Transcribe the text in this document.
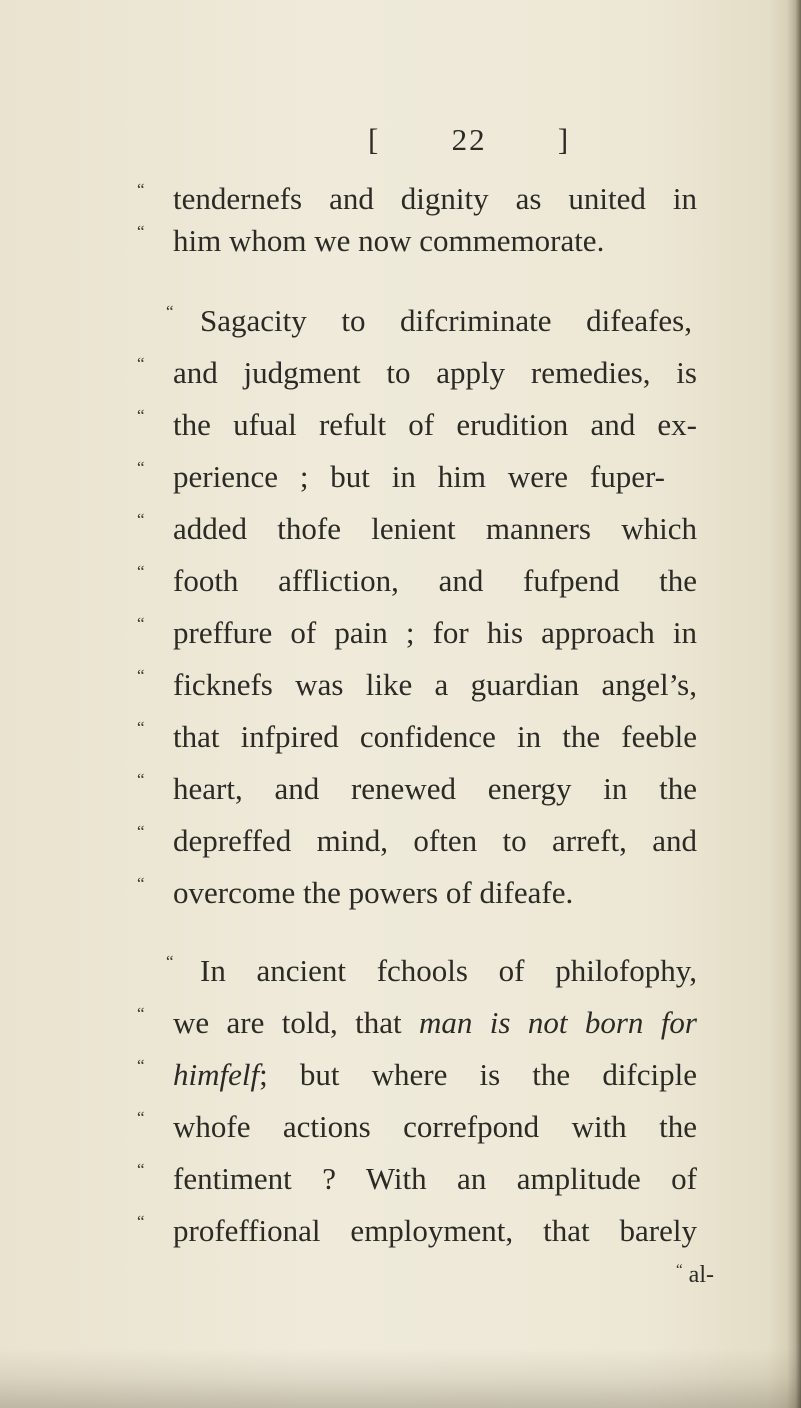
[   22   ]
“ tendernefs and dignity as united in
“ him whom we now commemorate.
“ Sagacity to difcriminate difeafes,
“ and judgment to apply remedies, is
“ the ufual refult of erudition and ex-
“ perience ; but in him were fuper-
“ added thofe lenient manners which
“ footh affliction, and fufpend the
“ preffure of pain ; for his approach in
“ ficknefs was like a guardian angel’s,
“ that infpired confidence in the feeble
“ heart, and renewed energy in the
“ depreffed mind, often to arreft, and
“ overcome the powers of difeafe.
“ In ancient fchools of philofophy,
“ we are told, that man is not born for
“ himfelf; but where is the difciple
“ whofe actions correfpond with the
“ fentiment ? With an amplitude of
“ profeffional employment, that barely
“ al-
